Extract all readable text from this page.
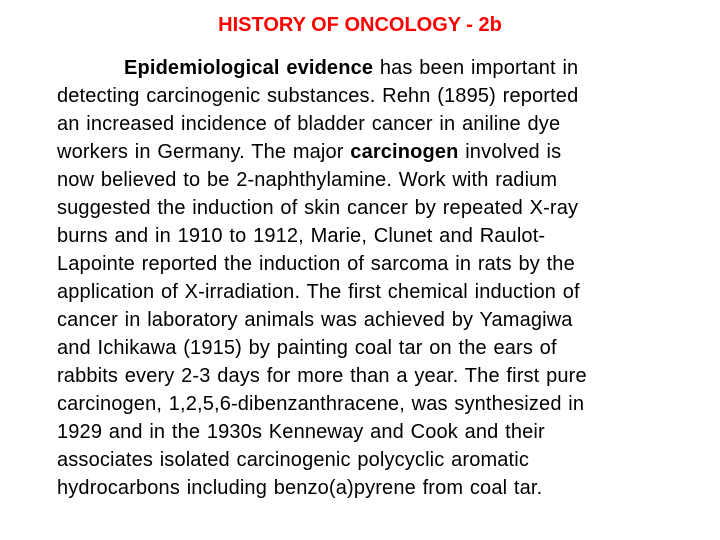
HISTORY OF ONCOLOGY - 2b
Epidemiological evidence has been important in
detecting carcinogenic substances. Rehn (1895) reported
an increased incidence of bladder cancer in aniline dye
workers in Germany. The major carcinogen involved is
now believed to be 2-naphthylamine. Work with radium
suggested the induction of skin cancer by repeated X-ray
burns and in 1910 to 1912, Marie, Clunet and Raulot-
Lapointe reported the induction of sarcoma in rats by the
application of X-irradiation. The first chemical induction of
cancer in laboratory animals was achieved by Yamagiwa
and Ichikawa (1915) by painting coal tar on the ears of
rabbits every 2-3 days for more than a year. The first pure
carcinogen, 1,2,5,6-dibenzanthracene, was synthesized in
1929 and in the 1930s Kenneway and Cook and their
associates isolated carcinogenic polycyclic aromatic
hydrocarbons including benzo(a)pyrene from coal tar.
